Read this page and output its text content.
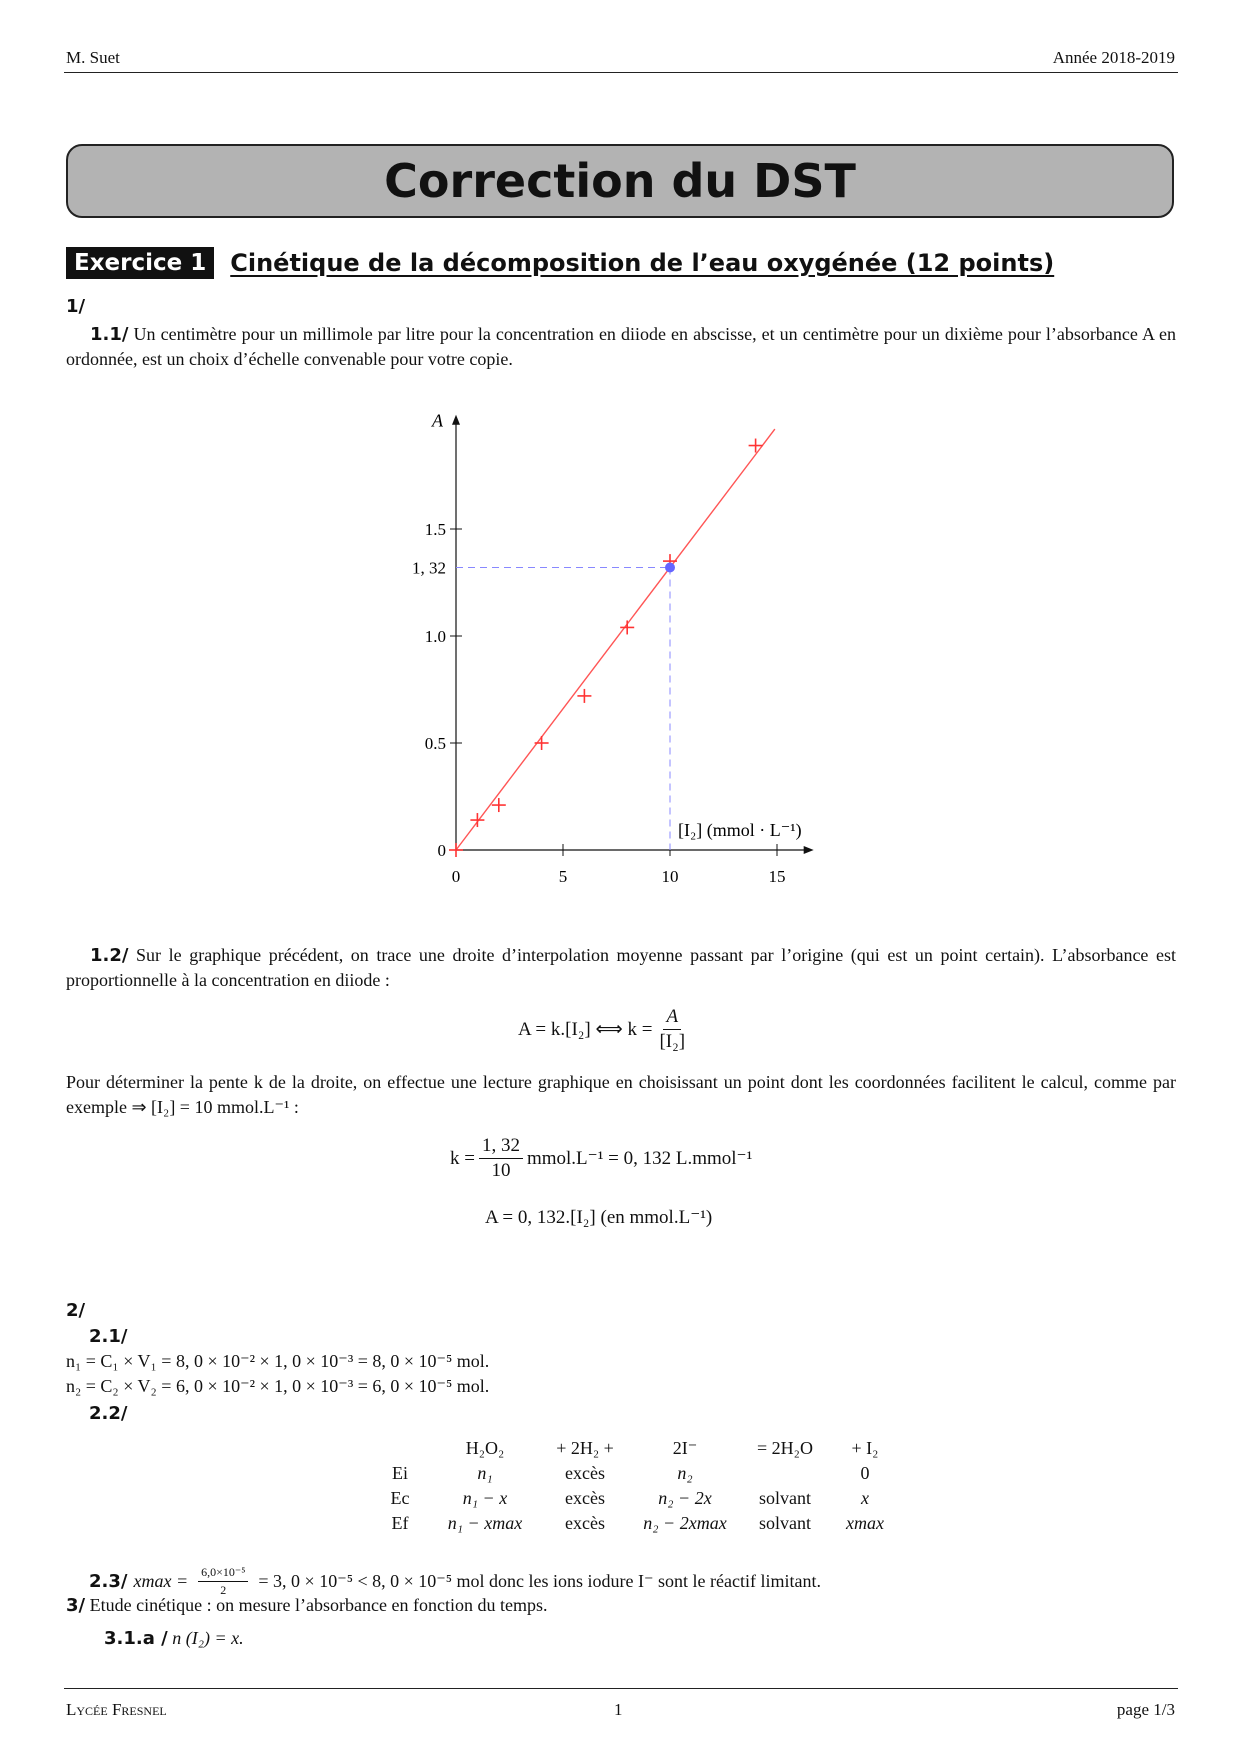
M. Suet	Année 2018-2019
Correction du DST
Exercice 1	Cinétique de la décomposition de l’eau oxygénée (12 points)
1/
1.1/ Un centimètre pour un millimole par litre pour la concentration en diiode en abscisse, et un centimètre pour un dixième pour l’absorbance A en ordonnée, est un choix d’échelle convenable pour votre copie.
0	5	10	15
0
0.5
1.0
1, 32
1.5
A
[I₂] (mmol · L⁻¹)
1.2/ Sur le graphique précédent, on trace une droite d’interpolation moyenne passant par l’origine (qui est un point certain). L’absorbance est proportionnelle à la concentration en diiode :
A = k.[I₂] ⟺ $k = \frac{A}{\text{[I₂]}}$
Pour déterminer la pente k de la droite, on effectue une lecture graphique en choisissant un point dont les coordonnées facilitent le calcul, comme par exemple ⇒ [I₂] = 10 mmol.L⁻¹ :
$k = \frac{1, 32}{10}$ mmol.L⁻¹ = 0, 132 L.mmol⁻¹
A = 0, 132.[I₂] (en mmol.L⁻¹)
2/
2.1/
n₁ = C₁ × V₁ = 8, 0 × 10⁻² × 1, 0 × 10⁻³ = 8, 0 × 10⁻⁵ mol.
n₂ = C₂ × V₂ = 6, 0 × 10⁻² × 1, 0 × 10⁻³ = 6, 0 × 10⁻⁵ mol.
2.2/
	H₂O₂	+ 2H₂ +	2I⁻	= 2H₂O	+ I₂
Ei	n₁	excès	n₂		0
Ec	n₁ − x	excès	n₂ − 2x	solvant	x
Ef	n₁ − xmax	excès	n₂ − 2xmax	solvant	xmax
2.3/ $xmax = \frac{\text{6,0×10⁻⁵}}{2} = 3$, 0 × 10⁻⁵ < 8, 0 × 10⁻⁵ mol donc les ions iodure I⁻ sont le réactif limitant.
3/ Etude cinétique : on mesure l’absorbance en fonction du temps.
3.1.a / n (I₂) = x.
Lycée Fresnel	1	page 1/3
